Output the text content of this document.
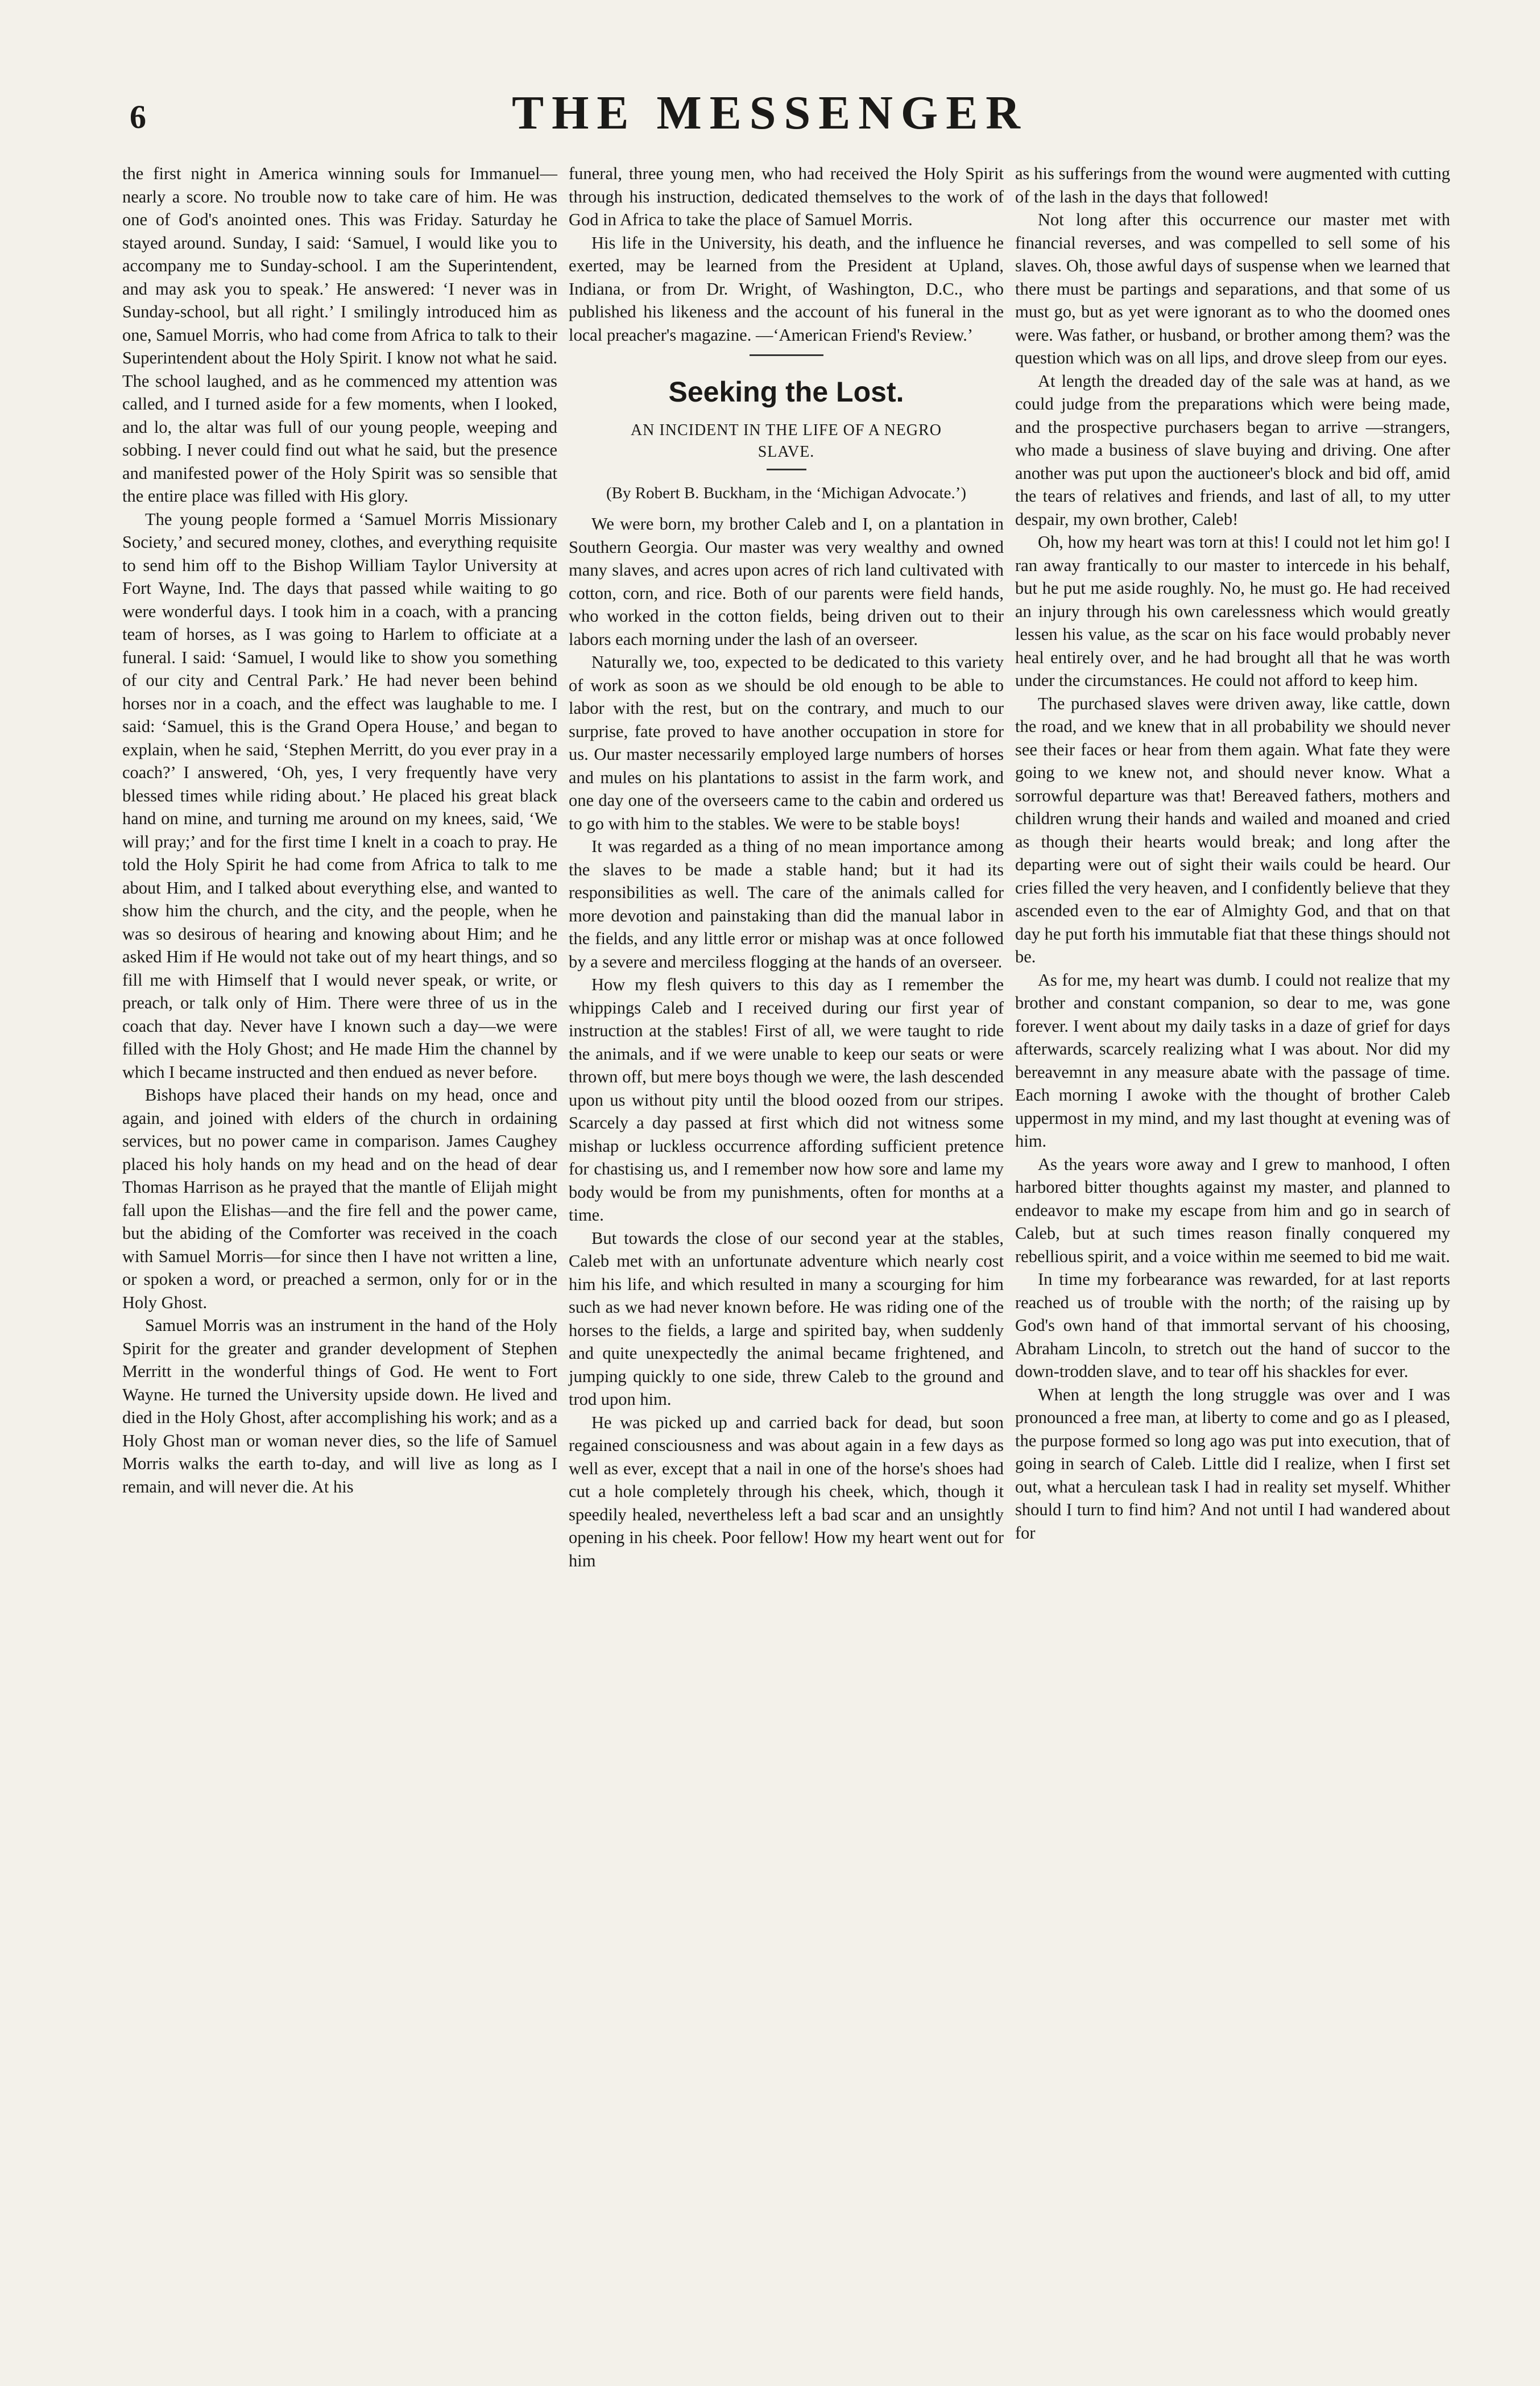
6	THE MESSENGER

the first night in America winning souls for Immanuel—nearly a score. No trouble now to take care of him. He was one of God's anointed ones. This was Friday. Saturday he stayed around. Sunday, I said: ‘Samuel, I would like you to accompany me to Sunday-school. I am the Superintendent, and may ask you to speak.’ He answered: ‘I never was in Sunday-school, but all right.’ I smilingly introduced him as one, Samuel Morris, who had come from Africa to talk to their Superintendent about the Holy Spirit. I know not what he said. The school laughed, and as he commenced my attention was called, and I turned aside for a few moments, when I looked, and lo, the altar was full of our young people, weeping and sobbing. I never could find out what he said, but the presence and manifested power of the Holy Spirit was so sensible that the entire place was filled with His glory.

The young people formed a ‘Samuel Morris Missionary Society,’ and secured money, clothes, and everything requisite to send him off to the Bishop William Taylor University at Fort Wayne, Ind. The days that passed while waiting to go were wonderful days. I took him in a coach, with a prancing team of horses, as I was going to Harlem to officiate at a funeral. I said: ‘Samuel, I would like to show you something of our city and Central Park.’ He had never been behind horses nor in a coach, and the effect was laughable to me. I said: ‘Samuel, this is the Grand Opera House,’ and began to explain, when he said, ‘Stephen Merritt, do you ever pray in a coach?’ I answered, ‘Oh, yes, I very frequently have very blessed times while riding about.’ He placed his great black hand on mine, and turning me around on my knees, said, ‘We will pray;’ and for the first time I knelt in a coach to pray. He told the Holy Spirit he had come from Africa to talk to me about Him, and I talked about everything else, and wanted to show him the church, and the city, and the people, when he was so desirous of hearing and knowing about Him; and he asked Him if He would not take out of my heart things, and so fill me with Himself that I would never speak, or write, or preach, or talk only of Him. There were three of us in the coach that day. Never have I known such a day—we were filled with the Holy Ghost; and He made Him the channel by which I became instructed and then endued as never before.

Bishops have placed their hands on my head, once and again, and joined with elders of the church in ordaining services, but no power came in comparison. James Caughey placed his holy hands on my head and on the head of dear Thomas Harrison as he prayed that the mantle of Elijah might fall upon the Elishas—and the fire fell and the power came, but the abiding of the Comforter was received in the coach with Samuel Morris—for since then I have not written a line, or spoken a word, or preached a sermon, only for or in the Holy Ghost.

Samuel Morris was an instrument in the hand of the Holy Spirit for the greater and grander development of Stephen Merritt in the wonderful things of God. He went to Fort Wayne. He turned the University upside down. He lived and died in the Holy Ghost, after accomplishing his work; and as a Holy Ghost man or woman never dies, so the life of Samuel Morris walks the earth to-day, and will live as long as I remain, and will never die. At his

funeral, three young men, who had received the Holy Spirit through his instruction, dedicated themselves to the work of God in Africa to take the place of Samuel Morris.

His life in the University, his death, and the influence he exerted, may be learned from the President at Upland, Indiana, or from Dr. Wright, of Washington, D.C., who published his likeness and the account of his funeral in the local preacher's magazine. —‘American Friend's Review.’

Seeking the Lost.
AN INCIDENT IN THE LIFE OF A NEGRO SLAVE.
(By Robert B. Buckham, in the ‘Michigan Advocate.’)

We were born, my brother Caleb and I, on a plantation in Southern Georgia. Our master was very wealthy and owned many slaves, and acres upon acres of rich land cultivated with cotton, corn, and rice. Both of our parents were field hands, who worked in the cotton fields, being driven out to their labors each morning under the lash of an overseer.

Naturally we, too, expected to be dedicated to this variety of work as soon as we should be old enough to be able to labor with the rest, but on the contrary, and much to our surprise, fate proved to have another occupation in store for us. Our master necessarily employed large numbers of horses and mules on his plantations to assist in the farm work, and one day one of the overseers came to the cabin and ordered us to go with him to the stables. We were to be stable boys!

It was regarded as a thing of no mean importance among the slaves to be made a stable hand; but it had its responsibilities as well. The care of the animals called for more devotion and painstaking than did the manual labor in the fields, and any little error or mishap was at once followed by a severe and merciless flogging at the hands of an overseer.

How my flesh quivers to this day as I remember the whippings Caleb and I received during our first year of instruction at the stables! First of all, we were taught to ride the animals, and if we were unable to keep our seats or were thrown off, but mere boys though we were, the lash descended upon us without pity until the blood oozed from our stripes. Scarcely a day passed at first which did not witness some mishap or luckless occurrence affording sufficient pretence for chastising us, and I remember now how sore and lame my body would be from my punishments, often for months at a time.

But towards the close of our second year at the stables, Caleb met with an unfortunate adventure which nearly cost him his life, and which resulted in many a scourging for him such as we had never known before. He was riding one of the horses to the fields, a large and spirited bay, when suddenly and quite unexpectedly the animal became frightened, and jumping quickly to one side, threw Caleb to the ground and trod upon him.

He was picked up and carried back for dead, but soon regained consciousness and was about again in a few days as well as ever, except that a nail in one of the horse's shoes had cut a hole completely through his cheek, which, though it speedily healed, nevertheless left a bad scar and an unsightly opening in his cheek. Poor fellow! How my heart went out for him

as his sufferings from the wound were augmented with cutting of the lash in the days that followed!

Not long after this occurrence our master met with financial reverses, and was compelled to sell some of his slaves. Oh, those awful days of suspense when we learned that there must be partings and separations, and that some of us must go, but as yet were ignorant as to who the doomed ones were. Was father, or husband, or brother among them? was the question which was on all lips, and drove sleep from our eyes.

At length the dreaded day of the sale was at hand, as we could judge from the preparations which were being made, and the prospective purchasers began to arrive —strangers, who made a business of slave buying and driving. One after another was put upon the auctioneer's block and bid off, amid the tears of relatives and friends, and last of all, to my utter despair, my own brother, Caleb!

Oh, how my heart was torn at this! I could not let him go! I ran away frantically to our master to intercede in his behalf, but he put me aside roughly. No, he must go. He had received an injury through his own carelessness which would greatly lessen his value, as the scar on his face would probably never heal entirely over, and he had brought all that he was worth under the circumstances. He could not afford to keep him.

The purchased slaves were driven away, like cattle, down the road, and we knew that in all probability we should never see their faces or hear from them again. What fate they were going to we knew not, and should never know. What a sorrowful departure was that! Bereaved fathers, mothers and children wrung their hands and wailed and moaned and cried as though their hearts would break; and long after the departing were out of sight their wails could be heard. Our cries filled the very heaven, and I confidently believe that they ascended even to the ear of Almighty God, and that on that day he put forth his immutable fiat that these things should not be.

As for me, my heart was dumb. I could not realize that my brother and constant companion, so dear to me, was gone forever. I went about my daily tasks in a daze of grief for days afterwards, scarcely realizing what I was about. Nor did my bereavemnt in any measure abate with the passage of time. Each morning I awoke with the thought of brother Caleb uppermost in my mind, and my last thought at evening was of him.

As the years wore away and I grew to manhood, I often harbored bitter thoughts against my master, and planned to endeavor to make my escape from him and go in search of Caleb, but at such times reason finally conquered my rebellious spirit, and a voice within me seemed to bid me wait.

In time my forbearance was rewarded, for at last reports reached us of trouble with the north; of the raising up by God's own hand of that immortal servant of his choosing, Abraham Lincoln, to stretch out the hand of succor to the down-trodden slave, and to tear off his shackles for ever.

When at length the long struggle was over and I was pronounced a free man, at liberty to come and go as I pleased, the purpose formed so long ago was put into execution, that of going in search of Caleb. Little did I realize, when I first set out, what a herculean task I had in reality set myself. Whither should I turn to find him? And not until I had wandered about for
